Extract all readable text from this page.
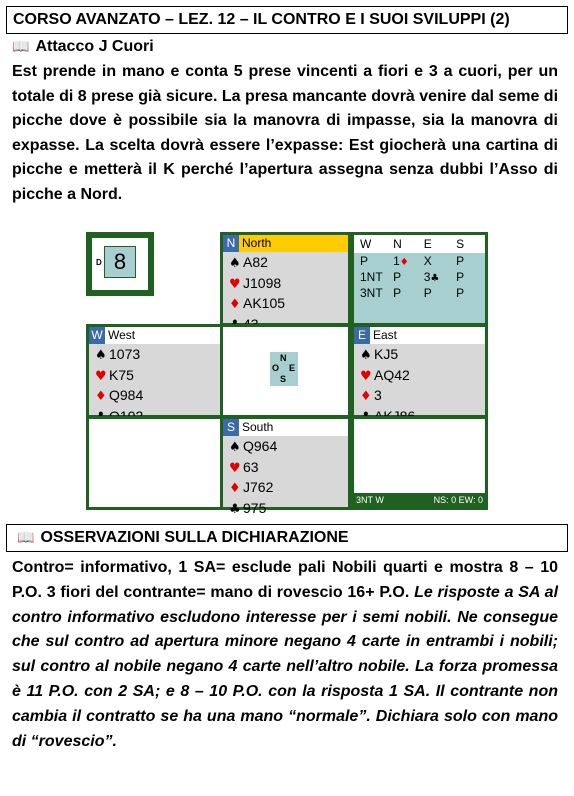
CORSO AVANZATO – LEZ. 12 – IL CONTRO E I SUOI SVILUPPI (2)
📖 Attacco J Cuori
Est prende in mano e conta 5 prese vincenti a fiori e 3 a cuori, per un totale di 8 prese già sicure. La presa mancante dovrà venire dal seme di picche dove è possibile sia la manovra di impasse, sia la manovra di expasse. La scelta dovrà essere l’expasse: Est giocherà una cartina di picche e metterà il K perché l’apertura assegna senza dubbi l’Asso di picche a Nord.
D 8
N North
♠ A82
♥ J1098
♦ AK105
W	N	E	S
P	1♦	X	P
1NT	P	3♣	P
3NT	P	P	P
W West
♠ 1073
♥ K75
♦ Q984
N
O E
S
E East
♠ KJ5
♥ AQ42
♦ 3
S South
♠ Q964
♥ 63
♦ J762
♣ 975	3NT W	NS: 0 EW: 0
📖 OSSERVAZIONI SULLA DICHIARAZIONE
Contro= informativo, 1 SA= esclude pali Nobili quarti e mostra 8 – 10 P.O. 3 fiori del contrante= mano di rovescio 16+ P.O. Le risposte a SA al contro informativo escludono interesse per i semi nobili. Ne consegue che sul contro ad apertura minore negano 4 carte in entrambi i nobili; sul contro al nobile negano 4 carte nell’altro nobile. La forza promessa è 11 P.O. con 2 SA; e 8 – 10 P.O. con la risposta 1 SA. Il contrante non cambia il contratto se ha una mano “normale”. Dichiara solo con mano di “rovescio”.
